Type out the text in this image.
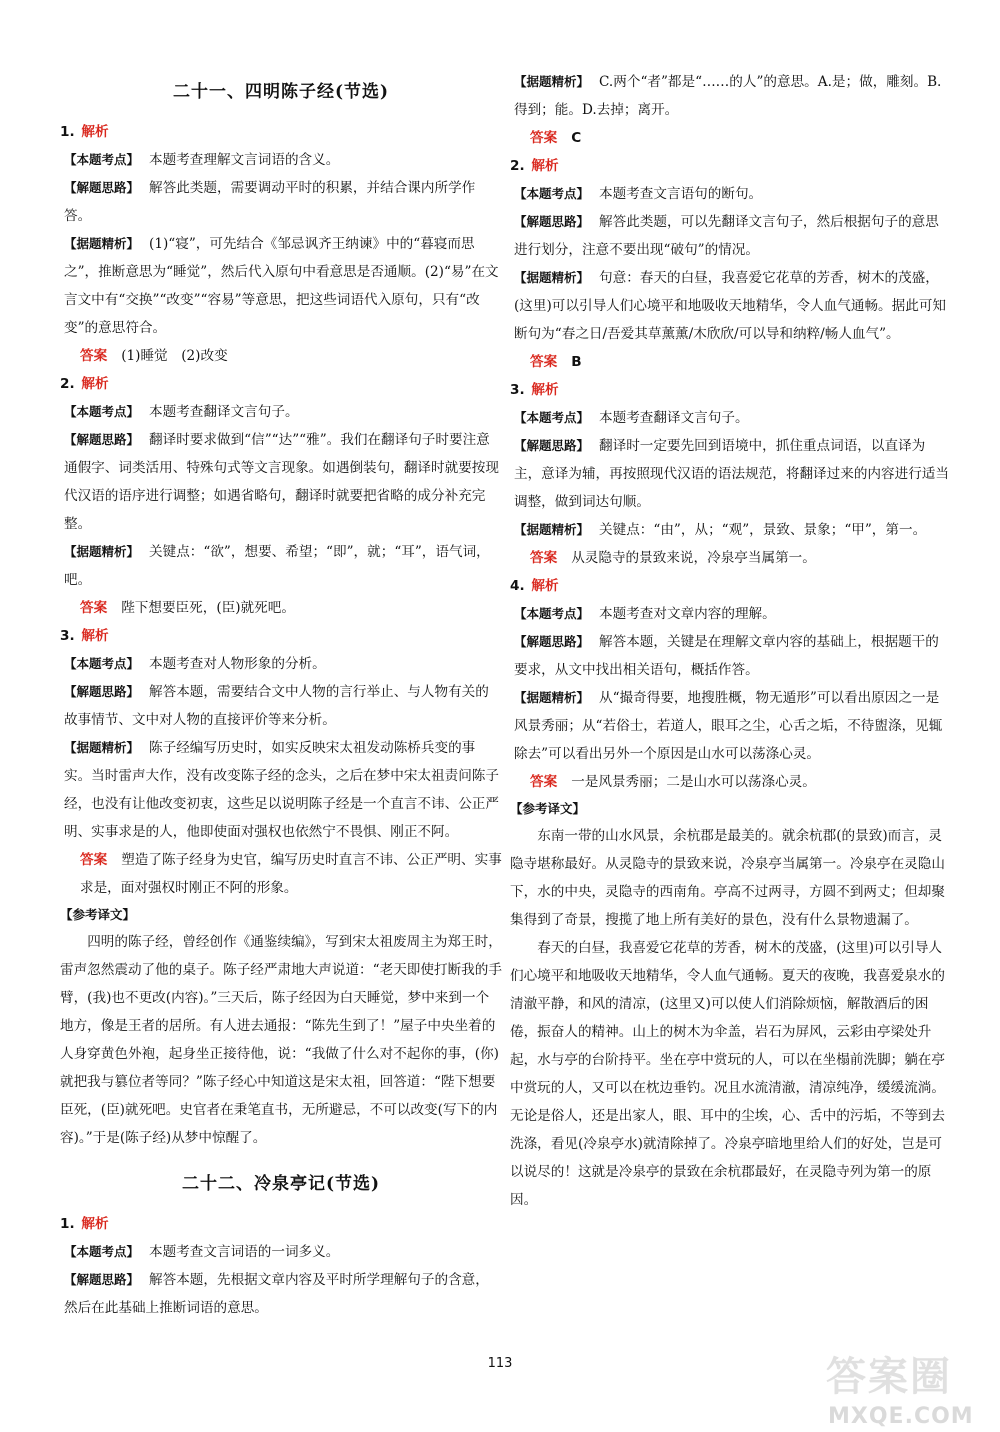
二十一、四明陈子经(节选)
1. 解析
【本题考点】 本题考查理解文言词语的含义。
【解题思路】 解答此类题，需要调动平时的积累，并结合课内所学作答。
【据题精析】 (1)“寝”，可先结合《邹忌讽齐王纳谏》中的“暮寝而思之”，推断意思为“睡觉”，然后代入原句中看意思是否通顺。(2)“易”在文言文中有“交换”“改变”“容易”等意思，把这些词语代入原句，只有“改变”的意思符合。
答案 (1)睡觉　(2)改变
2. 解析
【本题考点】 本题考查翻译文言句子。
【解题思路】 翻译时要求做到“信”“达”“雅”。我们在翻译句子时要注意通假字、词类活用、特殊句式等文言现象。如遇倒装句，翻译时就要按现代汉语的语序进行调整；如遇省略句，翻译时就要把省略的成分补充完整。
【据题精析】 关键点：“欲”，想要、希望；“即”，就；“耳”，语气词，吧。
答案 陛下想要臣死，(臣)就死吧。
3. 解析
【本题考点】 本题考查对人物形象的分析。
【解题思路】 解答本题，需要结合文中人物的言行举止、与人物有关的故事情节、文中对人物的直接评价等来分析。
【据题精析】 陈子经编写历史时，如实反映宋太祖发动陈桥兵变的事实。当时雷声大作，没有改变陈子经的念头，之后在梦中宋太祖责问陈子经，也没有让他改变初衷，这些足以说明陈子经是一个直言不讳、公正严明、实事求是的人，他即使面对强权也依然宁不畏惧、刚正不阿。
答案 塑造了陈子经身为史官，编写历史时直言不讳、公正严明、实事求是，面对强权时刚正不阿的形象。
【参考译文】

四明的陈子经，曾经创作《通鉴续编》，写到宋太祖废周主为郑王时，雷声忽然震动了他的桌子。陈子经严肃地大声说道：“老天即使打断我的手臂，(我)也不更改(内容)。”三天后，陈子经因为白天睡觉，梦中来到一个地方，像是王者的居所。有人进去通报：“陈先生到了！”屋子中央坐着的人身穿黄色外袍，起身坐正接待他，说：“我做了什么对不起你的事，(你)就把我与篡位者等同？”陈子经心中知道这是宋太祖，回答道：“陛下想要臣死，(臣)就死吧。史官者在秉笔直书，无所避忌，不可以改变(写下的内容)。”于是(陈子经)从梦中惊醒了。

二十二、冷泉亭记(节选)
1. 解析
【本题考点】 本题考查文言词语的一词多义。
【解题思路】 解答本题，先根据文章内容及平时所学理解句子的含意，然后在此基础上推断词语的意思。
【据题精析】 C.两个“者”都是“……的人”的意思。A.是；做，雕刻。B.得到；能。D.去掉；离开。
答案 C
2. 解析
【本题考点】 本题考查文言语句的断句。
【解题思路】 解答此类题，可以先翻译文言句子，然后根据句子的意思进行划分，注意不要出现“破句”的情况。
【据题精析】 句意：春天的白昼，我喜爱它花草的芳香，树木的茂盛，(这里)可以引导人们心境平和地吸收天地精华，令人血气通畅。据此可知断句为“春之日/吾爱其草薰薰/木欣欣/可以导和纳粹/畅人血气”。
答案 B
3. 解析
【本题考点】 本题考查翻译文言句子。
【解题思路】 翻译时一定要先回到语境中，抓住重点词语，以直译为主，意译为辅，再按照现代汉语的语法规范，将翻译过来的内容进行适当调整，做到词达句顺。
【据题精析】 关键点：“由”，从；“观”，景致、景象；“甲”，第一。
答案 从灵隐寺的景致来说，冷泉亭当属第一。
4. 解析
【本题考点】 本题考查对文章内容的理解。
【解题思路】 解答本题，关键是在理解文章内容的基础上，根据题干的要求，从文中找出相关语句，概括作答。
【据题精析】 从“撮奇得要，地搜胜概，物无遁形”可以看出原因之一是风景秀丽；从“若俗士，若道人，眼耳之尘，心舌之垢，不待盥涤，见辄除去”可以看出另外一个原因是山水可以荡涤心灵。
答案 一是风景秀丽；二是山水可以荡涤心灵。
【参考译文】

东南一带的山水风景，余杭郡是最美的。就余杭郡(的景致)而言，灵隐寺堪称最好。从灵隐寺的景致来说，冷泉亭当属第一。冷泉亭在灵隐山下，水的中央，灵隐寺的西南角。亭高不过两寻，方圆不到两丈；但却聚集得到了奇景，搜揽了地上所有美好的景色，没有什么景物遗漏了。

春天的白昼，我喜爱它花草的芳香，树木的茂盛，(这里)可以引导人们心境平和地吸收天地精华，令人血气通畅。夏天的夜晚，我喜爱泉水的清澈平静，和风的清凉，(这里又)可以使人们消除烦恼，解散酒后的困倦，振奋人的精神。山上的树木为伞盖，岩石为屏风，云彩由亭梁处升起，水与亭的台阶持平。坐在亭中赏玩的人，可以在坐榻前洗脚；躺在亭中赏玩的人，又可以在枕边垂钓。况且水流清澈，清凉纯净，缓缓流淌。无论是俗人，还是出家人，眼、耳中的尘埃，心、舌中的污垢，不等到去洗涤，看见(冷泉亭水)就清除掉了。冷泉亭暗地里给人们的好处，岂是可以说尽的！这就是冷泉亭的景致在余杭郡最好，在灵隐寺列为第一的原因。

113	答案圈
MXQE.COM
